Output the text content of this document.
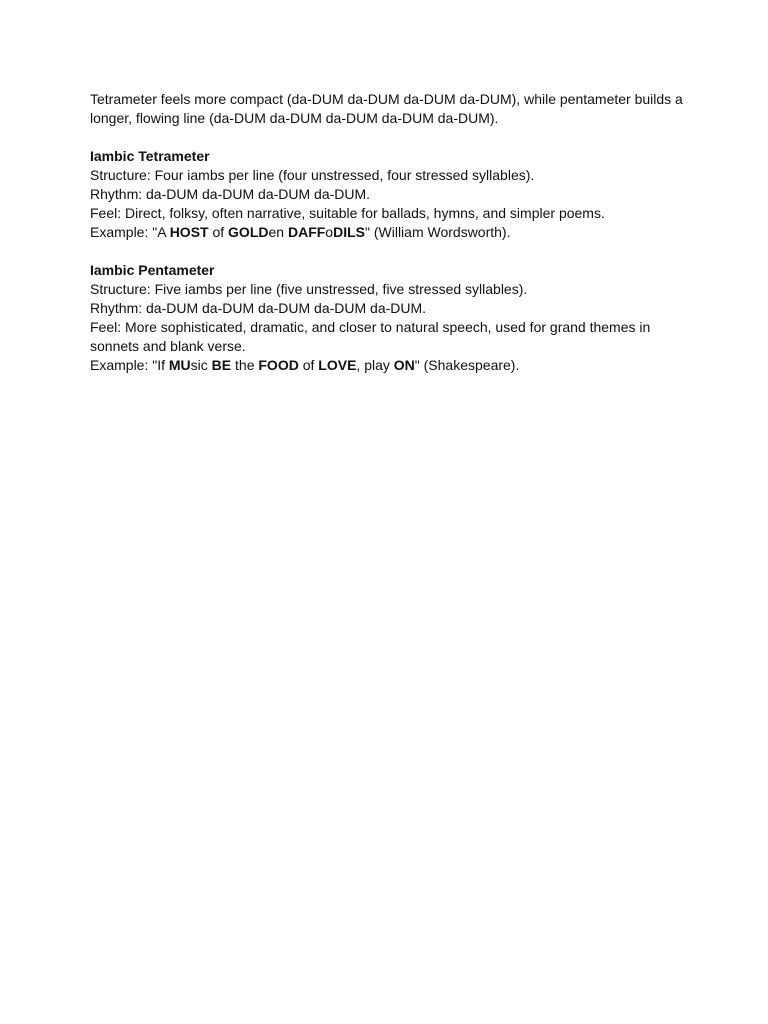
Tetrameter feels more compact (da-DUM da-DUM da-DUM da-DUM), while pentameter builds a longer, flowing line (da-DUM da-DUM da-DUM da-DUM da-DUM).

Iambic Tetrameter
Structure: Four iambs per line (four unstressed, four stressed syllables).
Rhythm: da-DUM da-DUM da-DUM da-DUM.
Feel: Direct, folksy, often narrative, suitable for ballads, hymns, and simpler poems.
Example: "A HOST of GOLDen DAFFoDILS" (William Wordsworth).
Iambic Pentameter
Structure: Five iambs per line (five unstressed, five stressed syllables).
Rhythm: da-DUM da-DUM da-DUM da-DUM da-DUM.
Feel: More sophisticated, dramatic, and closer to natural speech, used for grand themes in sonnets and blank verse.
Example: "If MUsic BE the FOOD of LOVE, play ON" (Shakespeare).
